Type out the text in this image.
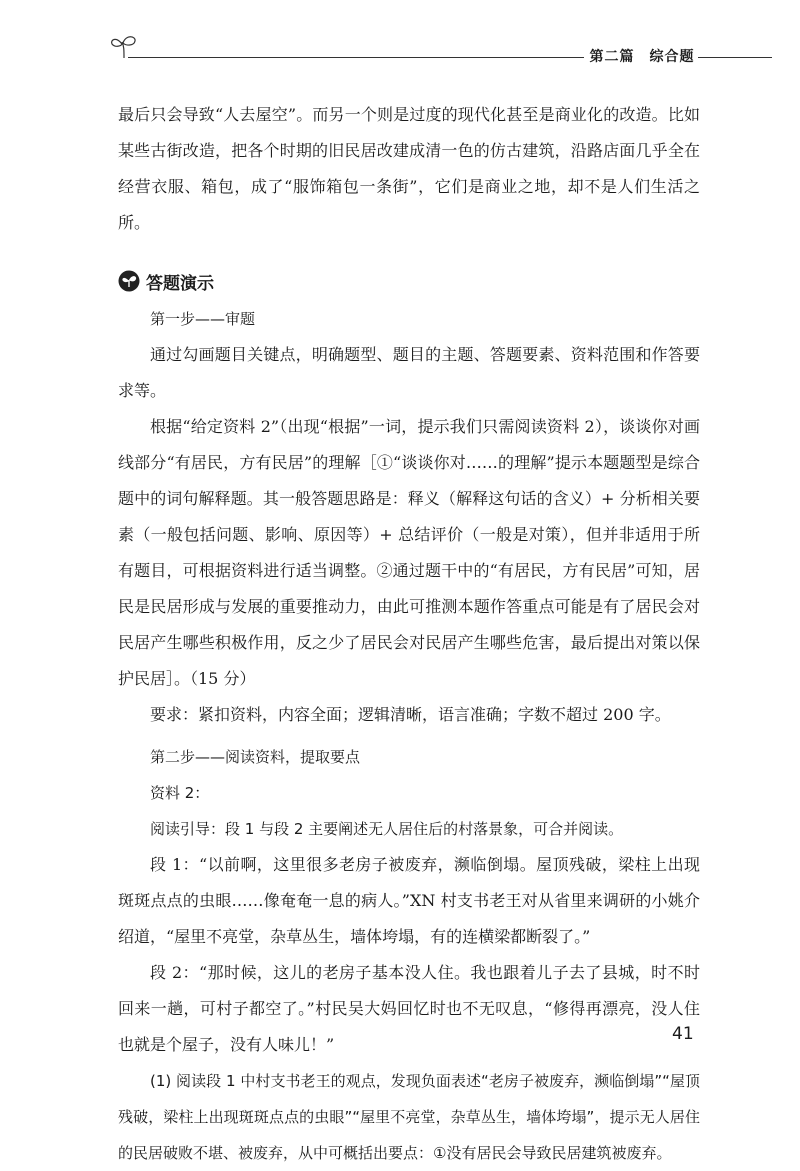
第二篇　综合题

最后只会导致“人去屋空”。而另一个则是过度的现代化甚至是商业化的改造。比如某些古街改造，把各个时期的旧民居改建成清一色的仿古建筑，沿路店面几乎全在经营衣服、箱包，成了“服饰箱包一条街”，它们是商业之地，却不是人们生活之所。

答题演示

第一步——审题

通过勾画题目关键点，明确题型、题目的主题、答题要素、资料范围和作答要求等。

根据“给定资料 2”（出现“根据”一词，提示我们只需阅读资料 2），谈谈你对画线部分“有居民，方有民居”的理解［①“谈谈你对……的理解”提示本题题型是综合题中的词句解释题。其一般答题思路是：释义（解释这句话的含义）+ 分析相关要素（一般包括问题、影响、原因等）+ 总结评价（一般是对策），但并非适用于所有题目，可根据资料进行适当调整。②通过题干中的“有居民，方有民居”可知，居民是民居形成与发展的重要推动力，由此可推测本题作答重点可能是有了居民会对民居产生哪些积极作用，反之少了居民会对民居产生哪些危害，最后提出对策以保护民居］。（15 分）

要求：紧扣资料，内容全面；逻辑清晰，语言准确；字数不超过 200 字。

第二步——阅读资料，提取要点

资料 2：

阅读引导：段 1 与段 2 主要阐述无人居住后的村落景象，可合并阅读。

段 1：“以前啊，这里很多老房子被废弃，濒临倒塌。屋顶残破，梁柱上出现斑斑点点的虫眼……像奄奄一息的病人。”XN 村支书老王对从省里来调研的小姚介绍道，“屋里不亮堂，杂草丛生，墙体垮塌，有的连横梁都断裂了。”

段 2：“那时候，这儿的老房子基本没人住。我也跟着儿子去了县城，时不时回来一趟，可村子都空了。”村民吴大妈回忆时也不无叹息，“修得再漂亮，没人住也就是个屋子，没有人味儿！”

(1) 阅读段 1 中村支书老王的观点，发现负面表述“老房子被废弃，濒临倒塌”“屋顶残破，梁柱上出现斑斑点点的虫眼”“屋里不亮堂，杂草丛生，墙体垮塌”，提示无人居住的民居破败不堪、被废弃，从中可概括出要点：①没有居民会导致民居建筑被废弃。

41
